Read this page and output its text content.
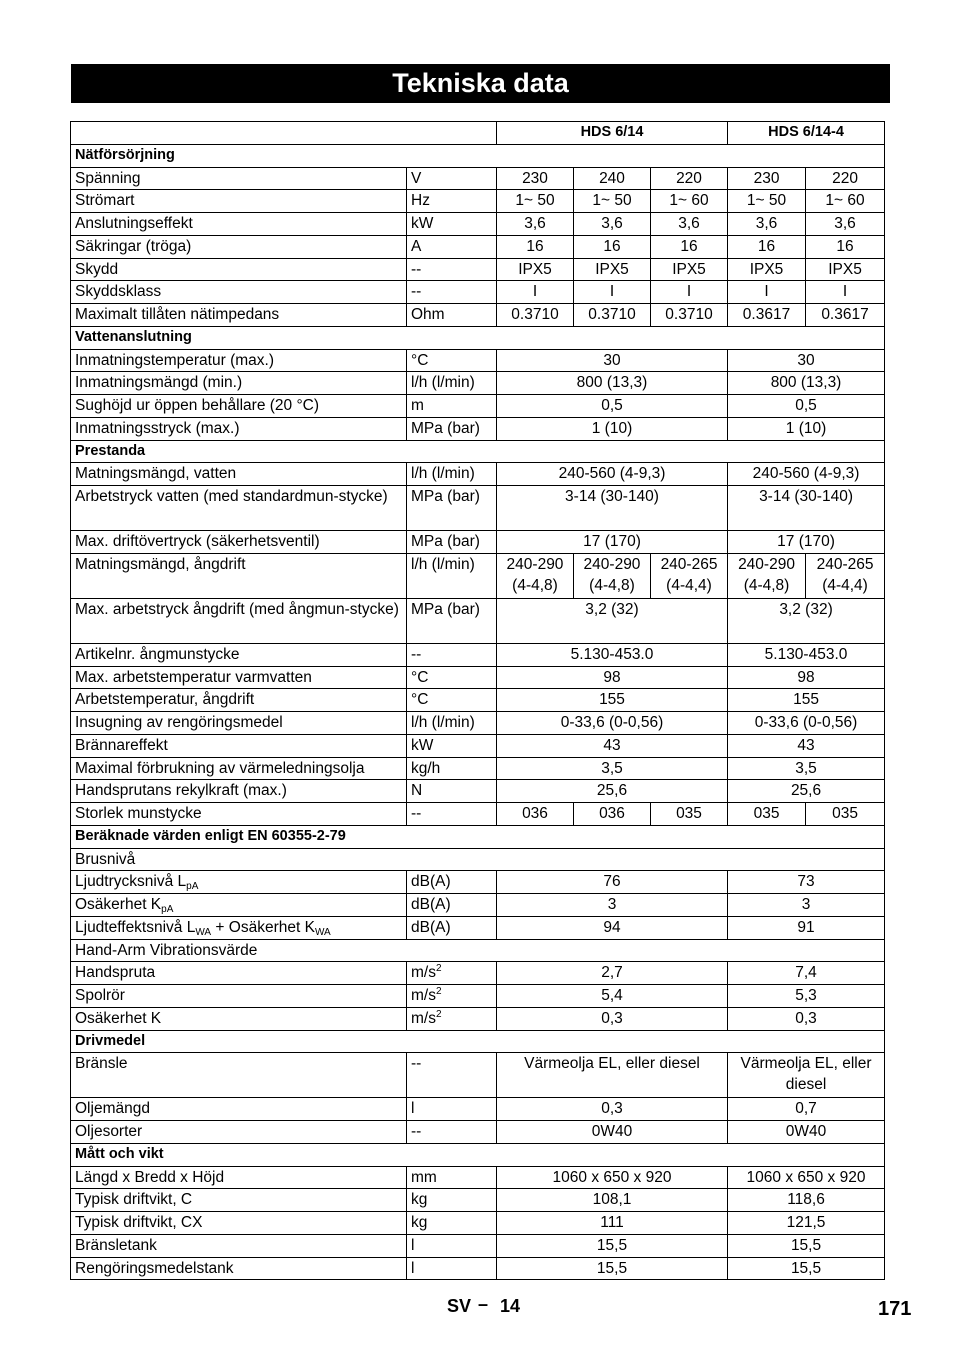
Tekniska data
		HDS 6/14			HDS 6/14-4	
Nätförsörjning						
Spänning	V	230	240	220	230	220
Strömart	Hz	1~ 50	1~ 50	1~ 60	1~ 50	1~ 60
Anslutningseffekt	kW	3,6	3,6	3,6	3,6	3,6
Säkringar (tröga)	A	16	16	16	16	16
Skydd	--	IPX5	IPX5	IPX5	IPX5	IPX5
Skyddsklass	--	I	I	I	I	I
Maximalt tillåten nätimpedans	Ohm	0.3710	0.3710	0.3710	0.3617	0.3617
Vattenanslutning						
Inmatningstemperatur (max.)	°C	30			30	
Inmatningsmängd (min.)	l/h (l/min)	800 (13,3)			800 (13,3)	
Sughöjd ur öppen behållare (20 °C)	m	0,5			0,5	
Inmatningsstryck (max.)	MPa (bar)	1 (10)			1 (10)	
Prestanda						
Matningsmängd, vatten	l/h (l/min)	240-560 (4-9,3)			240-560 (4-9,3)	
Arbetstryck vatten (med standardmun-stycke)	MPa (bar)	3-14 (30-140)			3-14 (30-140)	
Max. driftövertryck (säkerhetsventil)	MPa (bar)	17 (170)			17 (170)	
Matningsmängd, ångdrift	l/h (l/min)	240-290 (4-4,8)	240-290 (4-4,8)	240-265 (4-4,4)	240-290 (4-4,8)	240-265 (4-4,4)
Max. arbetstryck ångdrift (med ångmun-stycke)	MPa (bar)	3,2 (32)			3,2 (32)	
Artikelnr. ångmunstycke	--	5.130-453.0			5.130-453.0	
Max. arbetstemperatur varmvatten	°C	98			98	
Arbetstemperatur, ångdrift	°C	155			155	
Insugning av rengöringsmedel	l/h (l/min)	0-33,6 (0-0,56)			0-33,6 (0-0,56)	
Brännareffekt	kW	43			43	
Maximal förbrukning av värmeledningsolja	kg/h	3,5			3,5	
Handsprutans rekylkraft (max.)	N	25,6			25,6	
Storlek munstycke	--	036	036	035	035	035
Beräknade värden enligt EN 60355-2-79						
Brusnivå						
Ljudtrycksnivå $L_{pA}$	dB(A)	76			73	
Osäkerhet $K_{pA}$	dB(A)	3			3	
Ljudteffektsnivå $L_{WA}$ + Osäkerhet $K_{WA}$	dB(A)	94			91	
Hand-Arm Vibrationsvärde						
Handspruta	$m/s^2$	2,7			7,4	
Spolrör	$m/s^2$	5,4			5,3	
Osäkerhet K	$m/s^2$	0,3			0,3	
Drivmedel						
Bränsle	--	Värmeolja EL, eller diesel			Värmeolja EL, eller diesel	
Oljemängd	l	0,3			0,7	
Oljesorter	--	0W40			0W40	
Mått och vikt						
Längd x Bredd x Höjd	mm	1060 x 650 x 920			1060 x 650 x 920	
Typisk driftvikt, C	kg	108,1			118,6	
Typisk driftvikt, CX	kg	111			121,5	
Bränsletank	l	15,5			15,5	
Rengöringsmedelstank	l	15,5			15,5	
SV – 14	171
